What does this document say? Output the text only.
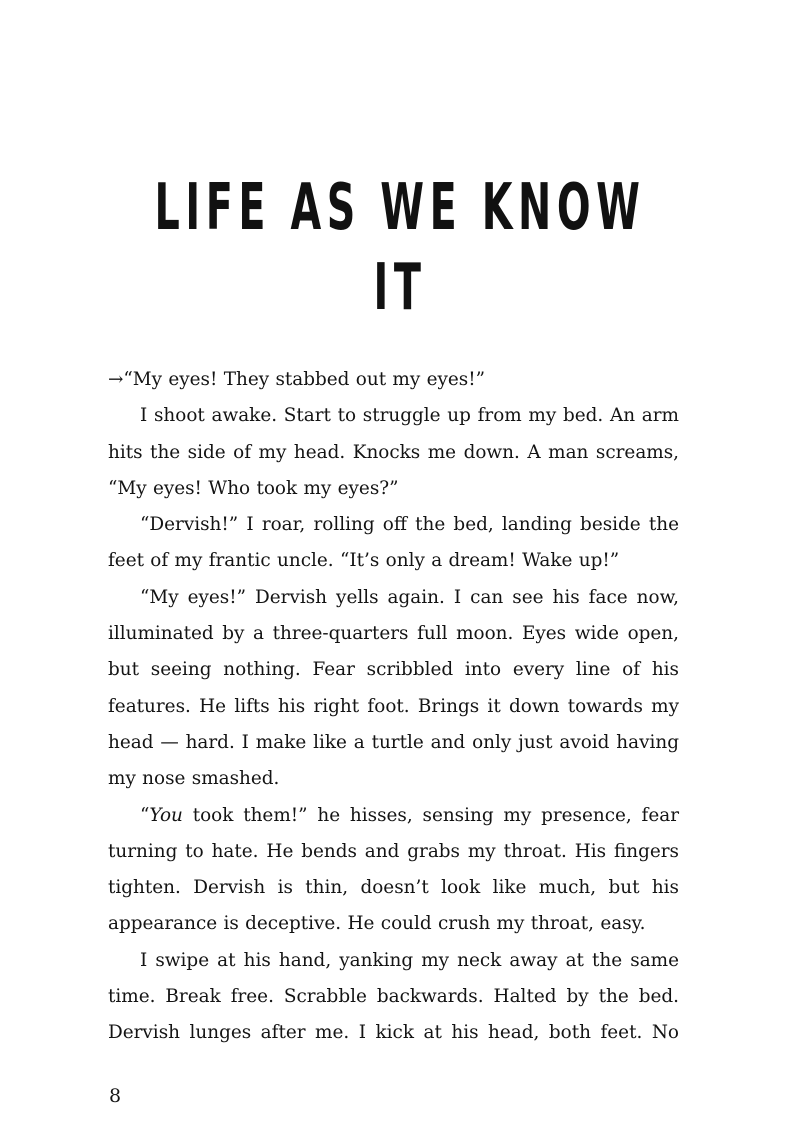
LIFE AS WE KNOW IT

→“My eyes! They stabbed out my eyes!”

I shoot awake. Start to struggle up from my bed. An arm hits the side of my head. Knocks me down. A man screams, “My eyes! Who took my eyes?”

“Dervish!” I roar, rolling off the bed, landing beside the feet of my frantic uncle. “It’s only a dream! Wake up!”

“My eyes!” Dervish yells again. I can see his face now, illuminated by a three-quarters full moon. Eyes wide open, but seeing nothing. Fear scribbled into every line of his features. He lifts his right foot. Brings it down towards my head — hard. I make like a turtle and only just avoid having my nose smashed.

“You took them!” he hisses, sensing my presence, fear turning to hate. He bends and grabs my throat. His fingers tighten. Dervish is thin, doesn’t look like much, but his appearance is deceptive. He could crush my throat, easy.

I swipe at his hand, yanking my neck away at the same time. Break free. Scrabble backwards. Halted by the bed. Dervish lunges after me. I kick at his head, both feet. No

8
